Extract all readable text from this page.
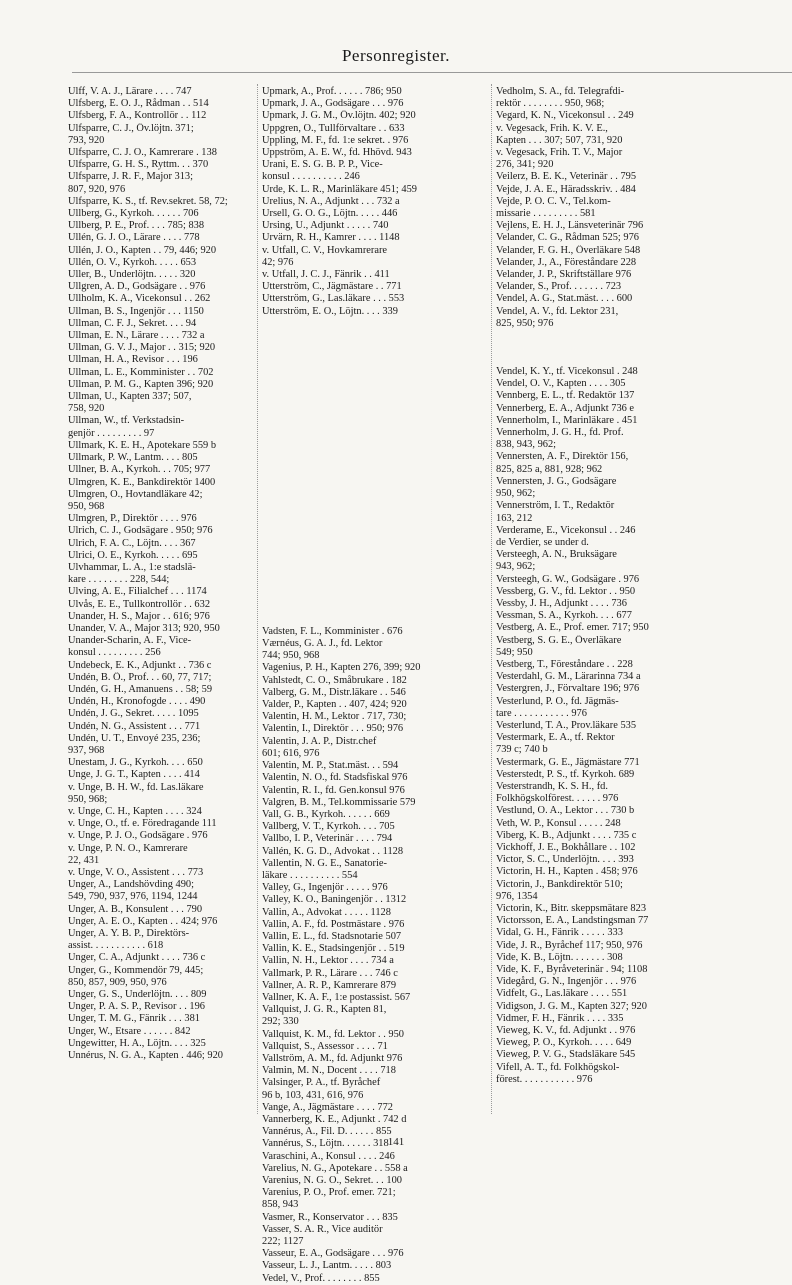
Personregister.
Ulff, V. A. J., Lärare . . . . 747
Ulfsberg, E. O. J., Rådman . . 514
Ulfsberg, F. A., Kontrollör . . 112
Ulfsparre, C. J., Öv.löjtn. 371;
793, 920
Ulfsparre, C. J. O., Kamrerare . 138
Ulfsparre, G. H. S., Ryttm. . . 370
Ulfsparre, J. R. F., Major 313;
807, 920, 976
Ulfsparre, K. S., tf. Rev.sekret. 58, 72;
Ullberg, G., Kyrkoh. . . . . . 706
Ullberg, P. E., Prof. . . . 785; 838
Ullén, G. J. O., Lärare . . . . 778
Ullén, J. O., Kapten . . 79, 446; 920
Ullén, O. V., Kyrkoh. . . . . 653
Uller, B., Underlöjtn. . . . . 320
Ullgren, A. D., Godsägare . . 976
Ullholm, K. A., Vicekonsul . . 262
Ullman, B. S., Ingenjör . . . 1150
Ullman, C. F. J., Sekret. . . . 94
Ullman, E. N., Lärare . . . . 732 a
Ullman, G. V. J., Major . . 315; 920
Ullman, H. A., Revisor . . . 196
Ullman, L. E., Komminister . . 702
Ullman, P. M. G., Kapten 396; 920
Ullman, U., Kapten 337; 507,
758, 920
Ullman, W., tf. Verkstadsin-
genjör . . . . . . . . . 97
Ullmark, K. E. H., Apotekare 559 b
Ullmark, P. W., Lantm. . . . 805
Ullner, B. A., Kyrkoh. . . 705; 977
Ulmgren, K. E., Bankdirektör 1400
Ulmgren, O., Hovtandläkare 42;
950, 968
Ulmgren, P., Direktör . . . . 976
Ulrich, C. J., Godsägare . 950; 976
Ulrich, F. A. C., Löjtn. . . . 367
Ulrici, O. E., Kyrkoh. . . . . 695
Ulvhammar, L. A., 1:e stadslä-
kare . . . . . . . . 228, 544;
Ulving, A. E., Filialchef . . . 1174
Ulvås, E. E., Tullkontrollör . . 632
Unander, H. S., Major . . 616; 976
Unander, V. A., Major 313; 920, 950
Unander-Scharin, A. F., Vice-
konsul . . . . . . . . . 256
Undebeck, E. K., Adjunkt . . 736 c
Undén, B. Ö., Prof. . . 60, 77, 717;
Undén, G. H., Amanuens . . 58; 59
Undén, H., Kronofogde . . . . 490
Undén, J. G., Sekret. . . . . 1095
Undén, N. G., Assistent . . . 771
Undén, U. T., Envoyé 235, 236;
937, 968
Unestam, J. G., Kyrkoh. . . . 650
Unge, J. G. T., Kapten . . . . 414
v. Unge, B. H. W., fd. Las.läkare
950, 968;
v. Unge, C. H., Kapten . . . . 324
v. Unge, O., tf. e. Föredragande 111
v. Unge, P. J. O., Godsägare . 976
v. Unge, P. N. O., Kamrerare
22, 431
v. Unge, V. O., Assistent . . . 773
Unger, A., Landshövding 490;
549, 790, 937, 976, 1194, 1244
Unger, A. B., Konsulent . . . 790
Unger, A. E. O., Kapten . . 424; 976
Unger, A. Y. B. P., Direktörs-
assist. . . . . . . . . . . 618
Unger, C. A., Adjunkt . . . . 736 c
Unger, G., Kommendör 79, 445;
850, 857, 909, 950, 976
Unger, G. S., Underlöjtn. . . . 809
Unger, P. A. S. P., Revisor . . 196
Unger, T. M. G., Fänrik . . . 381
Unger, W., Etsare . . . . . . 842
Ungewitter, H. A., Löjtn. . . . 325
Unnérus, N. G. A., Kapten . 446; 920
Upmark, A., Prof. . . . . . 786; 950
Upmark, J. A., Godsägare . . . 976
Upmark, J. G. M., Öv.löjtn. 402; 920
Uppgren, O., Tullförvaltare . . 633
Uppling, M. F., fd. 1:e sekret. . 976
Uppström, A. E. W., fd. Hhövd. 943
Urani, E. S. G. B. P. P., Vice-
konsul . . . . . . . . . . 246
Urde, K. L. R., Marinläkare 451; 459
Urelius, N. A., Adjunkt . . . 732 a
Ursell, G. O. G., Löjtn. . . . . 446
Ursing, U., Adjunkt . . . . . 740
Urvärn, R. H., Kamrer . . . . 1148
v. Utfall, C. V., Hovkamrerare
42; 976
v. Utfall, J. C. J., Fänrik . . 411
Utterström, C., Jägmästare . . 771
Utterström, G., Las.läkare . . . 553
Utterström, E. O., Löjtn. . . . 339
Vadsten, F. L., Komminister . 676
Værnéus, G. A. J., fd. Lektor
744; 950, 968
Vagenius, P. H., Kapten 276, 399; 920
Vahlstedt, C. O., Småbrukare . 182
Valberg, G. M., Distr.läkare . . 546
Valder, P., Kapten . . 407, 424; 920
Valentin, H. M., Lektor . 717, 730;
Valentin, I., Direktör . . . 950; 976
Valentin, J. A. P., Distr.chef
601; 616, 976
Valentin, M. P., Stat.mäst. . . 594
Valentin, N. O., fd. Stadsfiskal 976
Valentin, R. I., fd. Gen.konsul 976
Valgren, B. M., Tel.kommissarie 579
Vall, G. B., Kyrkoh. . . . . . 669
Vallberg, V. T., Kyrkoh. . . . 705
Vallbo, I. P., Veterinär . . . . 794
Vallén, K. G. D., Advokat . . 1128
Vallentin, N. G. E., Sanatorie-
läkare . . . . . . . . . . 554
Valley, G., Ingenjör . . . . . 976
Valley, K. O., Baningenjör . . 1312
Vallin, A., Advokat . . . . . 1128
Vallin, A. F., fd. Postmästare . 976
Vallin, E. L., fd. Stadsnotarie 507
Vallin, K. E., Stadsingenjör . . 519
Vallin, N. H., Lektor . . . . 734 a
Vallmark, P. R., Lärare . . . 746 c
Vallner, A. R. P., Kamrerare 879
Vallner, K. A. F., 1:e postassist. 567
Vallquist, J. G. R., Kapten 81,
292; 330
Vallquist, K. M., fd. Lektor . . 950
Vallquist, S., Assessor . . . . 71
Vallström, A. M., fd. Adjunkt 976
Valmin, M. N., Docent . . . . 718
Valsinger, P. A., tf. Byråchef
96 b, 103, 431, 616, 976
Vange, A., Jägmästare . . . . 772
Vannerberg, K. E., Adjunkt . 742 d
Vannérus, A., Fil. D. . . . . . 855
Vannérus, S., Löjtn. . . . . . 318
Varaschini, A., Konsul . . . . 246
Varelius, N. G., Apotekare . . 558 a
Varenius, N. G. O., Sekret. . . 100
Varenius, P. O., Prof. emer. 721;
858, 943
Vasmer, R., Konservator . . . 835
Vasser, S. A. R., Vice auditör
222; 1127
Vasseur, E. A., Godsägare . . . 976
Vasseur, L. J., Lantm. . . . . 803
Vedel, V., Prof. . . . . . . . 855
Vedholm, S. A., fd. Telegrafdi-
rektör . . . . . . . . 950, 968;
Vegard, K. N., Vicekonsul . . 249
v. Vegesack, Frih. K. V. E.,
Kapten . . . 307; 507, 731, 920
v. Vegesack, Frih. T. V., Major
276, 341; 920
Veilerz, B. E. K., Veterinär . . 795
Vejde, J. A. E., Häradsskriv. . 484
Vejde, P. O. C. V., Tel.kom-
missarie . . . . . . . . . 581
Vejlens, E. H. J., Länsveterinär 796
Velander, C. G., Rådman 525; 976
Velander, F. G. H., Överläkare 548
Velander, J., A., Föreståndare 228
Velander, J. P., Skriftställare 976
Velander, S., Prof. . . . . . . 723
Vendel, A. G., Stat.mäst. . . . 600
Vendel, A. V., fd. Lektor 231,
825, 950; 976
Vendel, K. Y., tf. Vicekonsul . 248
Vendel, O. V., Kapten . . . . 305
Vennberg, E. L., tf. Redaktör 137
Vennerberg, E. A., Adjunkt 736 e
Vennerholm, I., Marinläkare . 451
Vennerholm, J. G. H., fd. Prof.
838, 943, 962;
Vennersten, A. F., Direktör 156,
825, 825 a, 881, 928; 962
Vennersten, J. G., Godsägare
950, 962;
Vennerström, I. T., Redaktör
163, 212
Verderame, E., Vicekonsul . . 246
de Verdier, se under d.
Versteegh, A. N., Bruksägare
943, 962;
Versteegh, G. W., Godsägare . 976
Vessberg, G. V., fd. Lektor . . 950
Vessby, J. H., Adjunkt . . . . 736
Vessman, S. A., Kyrkoh. . . . 677
Vestberg, A. E., Prof. emer. 717; 950
Vestberg, S. G. E., Överläkare
549; 950
Vestberg, T., Föreståndare . . 228
Vesterdahl, G. M., Lärarinna 734 a
Vestergren, J., Förvaltare 196; 976
Vesterlund, P. O., fd. Jägmäs-
tare . . . . . . . . . . . 976
Vesterlund, T. A., Prov.läkare 535
Vestermark, E. A., tf. Rektor
739 c; 740 b
Vestermark, G. E., Jägmästare 771
Vesterstedt, P. S., tf. Kyrkoh. 689
Vesterstrandh, K. S. H., fd.
Folkhögskolförest. . . . . . 976
Vestlund, O. A., Lektor . . . 730 b
Veth, W. P., Konsul . . . . . 248
Viberg, K. B., Adjunkt . . . . 735 c
Vickhoff, J. E., Bokhållare . . 102
Victor, S. C., Underlöjtn. . . . 393
Victorin, H. H., Kapten . 458; 976
Victorin, J., Bankdirektör 510;
976, 1354
Victorin, K., Bitr. skeppsmätare 823
Victorsson, E. A., Landstingsman 77
Vidal, G. H., Fänrik . . . . . 333
Vide, J. R., Byråchef 117; 950, 976
Vide, K. B., Löjtn. . . . . . . 308
Vide, K. F., Byråveterinär . 94; 1108
Videgård, G. N., Ingenjör . . . 976
Vidfelt, G., Las.läkare . . . . 551
Vidigson, J. G. M., Kapten 327; 920
Vidmer, F. H., Fänrik . . . . 335
Vieweg, K. V., fd. Adjunkt . . 976
Vieweg, P. O., Kyrkoh. . . . . 649
Vieweg, P. V. G., Stadsläkare 545
Vifell, A. T., fd. Folkhögskol-
förest. . . . . . . . . . . 976
141
